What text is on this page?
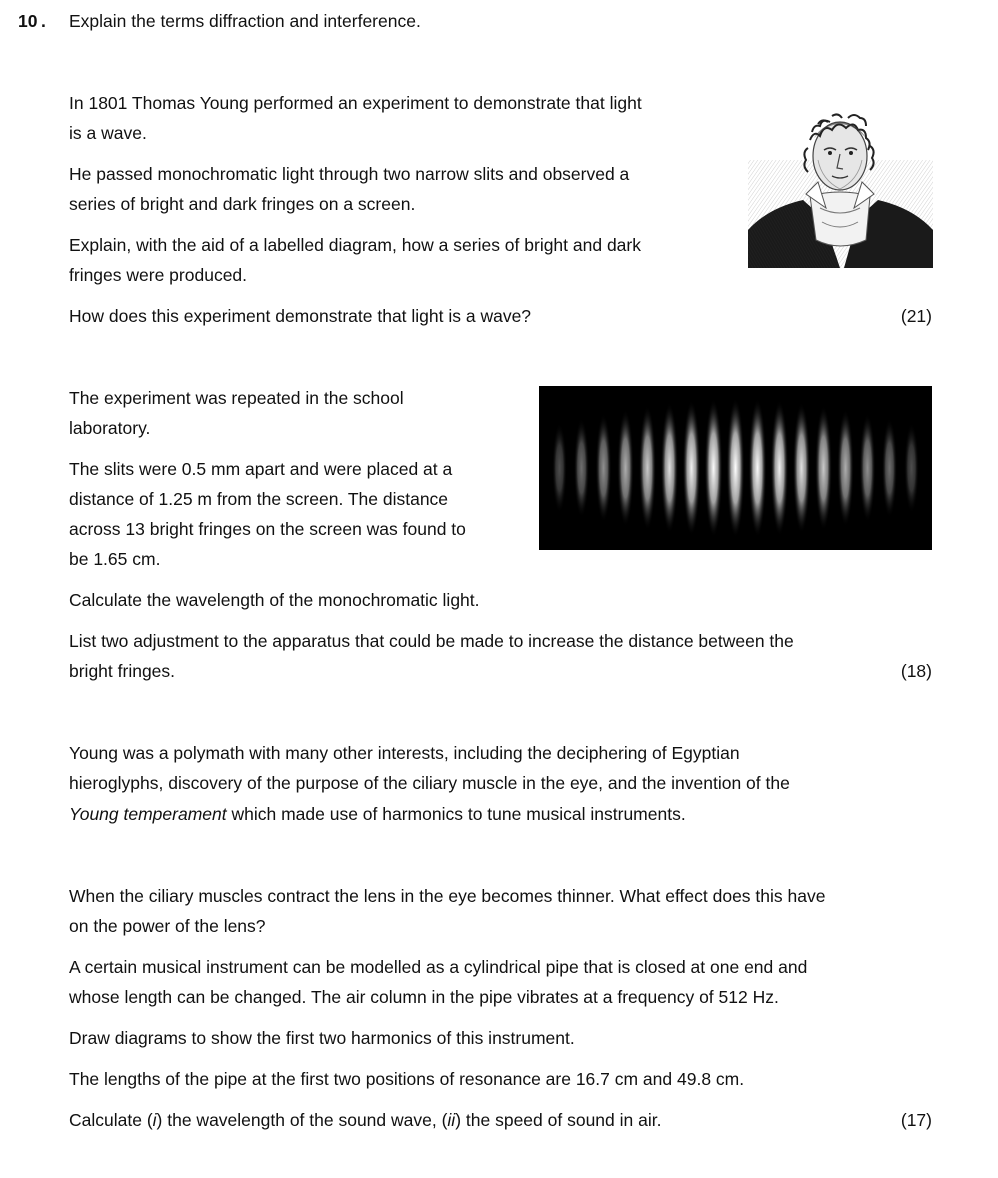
10 . Explain the terms diffraction and interference.
In 1801 Thomas Young performed an experiment to demonstrate that light
is a wave.
He passed monochromatic light through two narrow slits and observed a
series of bright and dark fringes on a screen.
Explain, with the aid of a labelled diagram, how a series of bright and dark
fringes were produced.
How does this experiment demonstrate that light is a wave?	(21)
The experiment was repeated in the school
laboratory.
The slits were 0.5 mm apart and were placed at a
distance of 1.25 m from the screen. The distance
across 13 bright fringes on the screen was found to
be 1.65 cm.
Calculate the wavelength of the monochromatic light.
List two adjustment to the apparatus that could be made to increase the distance between the
bright fringes.	(18)
Young was a polymath with many other interests, including the deciphering of Egyptian
hieroglyphs, discovery of the purpose of the ciliary muscle in the eye, and the invention of the
Young temperament which made use of harmonics to tune musical instruments.
When the ciliary muscles contract the lens in the eye becomes thinner. What effect does this have
on the power of the lens?
A certain musical instrument can be modelled as a cylindrical pipe that is closed at one end and
whose length can be changed. The air column in the pipe vibrates at a frequency of 512 Hz.
Draw diagrams to show the first two harmonics of this instrument.
The lengths of the pipe at the first two positions of resonance are 16.7 cm and 49.8 cm.
Calculate (i) the wavelength of the sound wave, (ii) the speed of sound in air.	(17)
